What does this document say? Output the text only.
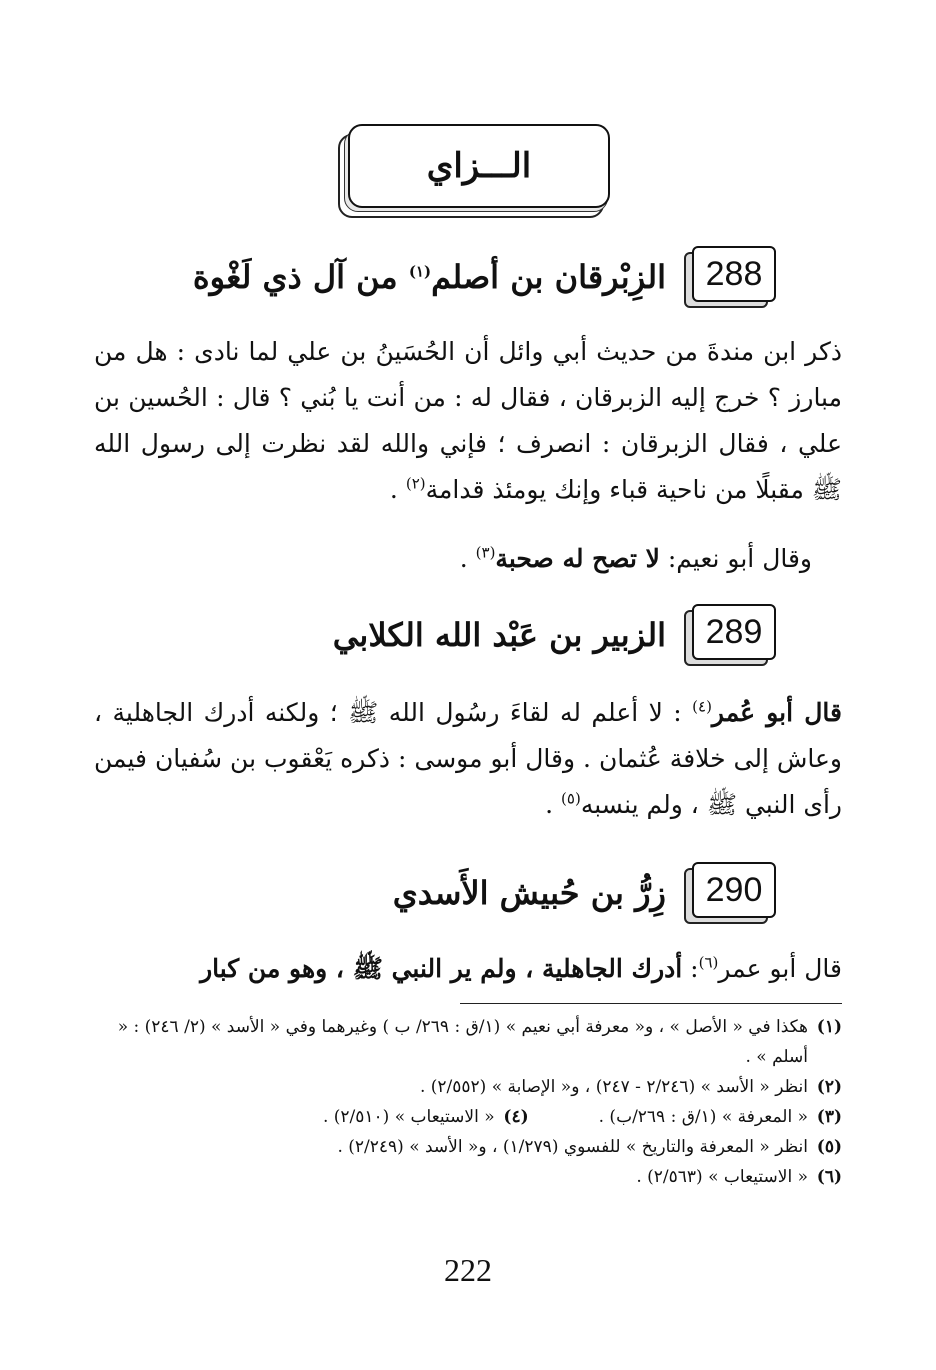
الـــزاي
288
الزِبْرقان بن أصلم$^{(١)}$ من آل ذي لَغْوة

ذكر ابن مندةَ من حديث أبي وائل أن الحُسَينُ بن علي لما نادى : هل من مبارز ؟ خرج إليه الزبرقان ، فقال له : من أنت يا بُني ؟ قال : الحُسين بن علي ، فقال الزبرقان : انصرف ؛ فإني والله لقد نظرت إلى رسول الله ﷺ مقبلًا من ناحية قباء وإنك يومئذ قدامة$^{(٢)}$ .

وقال أبو نعيم: لا تصح له صحبة$^{(٣)}$ .

289
الزبير بن عَبْد الله الكلابي

قال أبو عُمر$^{(٤)}$ : لا أعلم له لقاءَ رسُول الله ﷺ ؛ ولكنه أدرك الجاهلية ، وعاش إلى خلافة عُثمان . وقال أبو موسى : ذكره يَعْقوب بن سُفيان فيمن رأى النبي ﷺ ، ولم ينسبه$^{(٥)}$ .

290
زِرُّ بن حُبيش الأَسدي

قال أبو عمر$^{(٦)}$: أدرك الجاهلية ، ولم ير النبي ﷺ ، وهو من كبار

(١)
هكذا في « الأصل » ، و« معرفة أبي نعيم » (١/ق : ٢٦٩/ ب ) وغيرهما وفي « الأسد » (٢/ ٢٤٦) : « أسلم » .
(٢)
انظر « الأسد » (٢/٢٤٦ - ٢٤٧) ، و« الإصابة » (٢/٥٥٢) .
(٣)
« المعرفة » (١/ق : ٢٦٩/ب) .
(٤)
« الاستيعاب » (٢/٥١٠) .
(٥)
انظر « المعرفة والتاريخ » للفسوي (١/٢٧٩) ، و« الأسد » (٢/٢٤٩) .
(٦)
« الاستيعاب » (٢/٥٦٣) .
222
